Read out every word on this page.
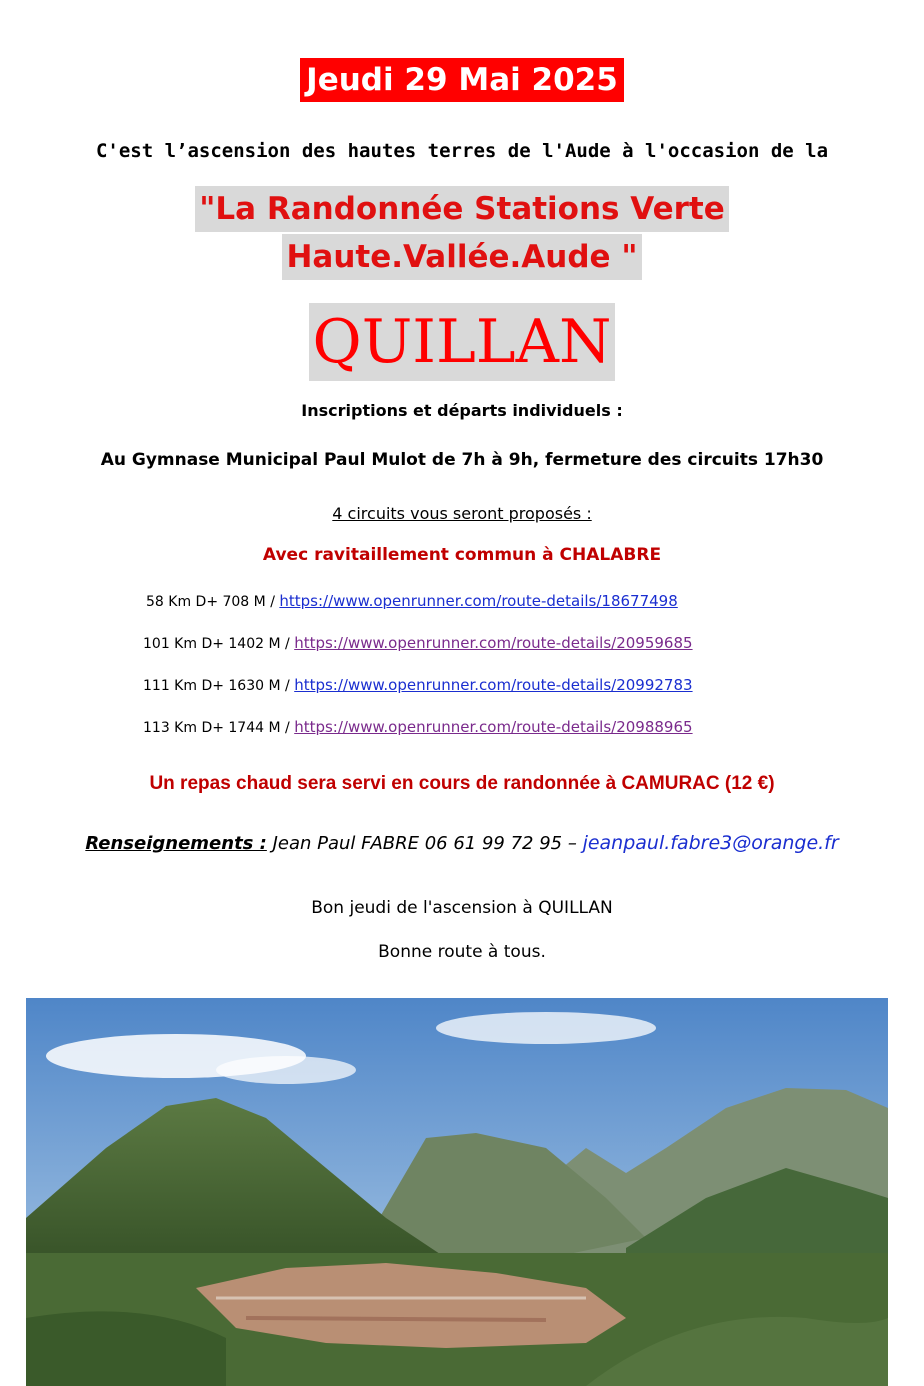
Jeudi 29 Mai 2025
C'est l’ascension des hautes terres de l'Aude à l'occasion de la
"La Randonnée Stations Verte
Haute.Vallée.Aude "
QUILLAN
Inscriptions et départs individuels :
Au Gymnase Municipal Paul Mulot de 7h à 9h, fermeture des circuits 17h30
4 circuits vous seront proposés :
Avec ravitaillement commun à CHALABRE
58 Km D+ 708 M / https://www.openrunner.com/route-details/18677498
101 Km D+ 1402 M / https://www.openrunner.com/route-details/20959685
111 Km D+ 1630 M / https://www.openrunner.com/route-details/20992783
113 Km D+ 1744 M / https://www.openrunner.com/route-details/20988965
Un repas chaud sera servi en cours de randonnée à CAMURAC (12 €)
Renseignements : Jean Paul FABRE 06 61 99 72 95 – jeanpaul.fabre3@orange.fr
Bon jeudi de l'ascension à QUILLAN
Bonne route à tous.
